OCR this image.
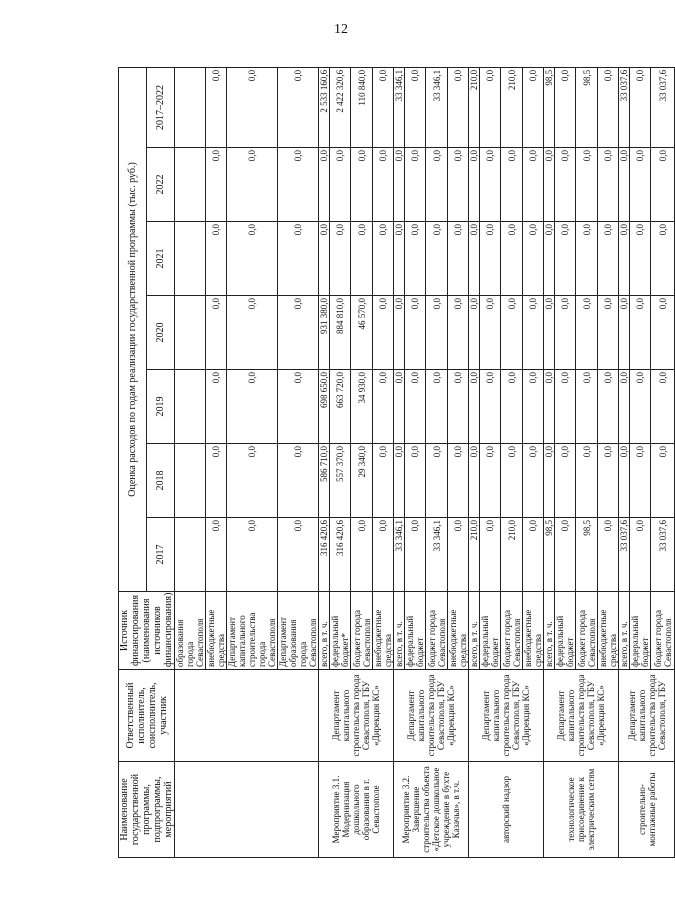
12
Наименование государственной программы, подпрограммы, мероприятий	Ответственный исполнитель, соисполнитель, участник	Источник финансирования (наименования источников финансирования)	Оценка расходов по годам реализации государственной программы (тыс. руб.)						
			2017	2018	2019	2020	2021	2022	2017–2022
		образования города Севастополя							
		внебюджетные средства	0,0	0,0	0,0	0,0	0,0	0,0	0,0
		Департамент капитального строительства города Севастополя	0,0	0,0	0,0	0,0	0,0	0,0	0,0
		Департамент образования города Севастополя	0,0	0,0	0,0	0,0	0,0	0,0	0,0
Мероприятие 3.1. Модернизация дошкольного образования в г. Севастополе	Департамент капитального строительства города Севастополя, ГБУ «Дирекция КС»	всего, в т. ч.	316 420,6	586 710,0	698 650,0	931 380,0	0,0	0,0	2 533 160,6
		федеральный бюджет*	316 420,6	557 370,0	663 720,0	884 810,0	0,0	0,0	2 422 320,6
		бюджет города Севастополя	0,0	29 340,0	34 930,0	46 570,0	0,0	0,0	110 840,0
		внебюджетные средства	0,0	0,0	0,0	0,0	0,0	0,0	0,0
Мероприятие 3.2. Завершение строительства объекта «Детское дошкольное учреждение в бухте Казачья», в т.ч.	Департамент капитального строительства города Севастополя, ГБУ «Дирекция КС»	всего, в т. ч.	33 346,1	0,0	0,0	0,0	0,0	0,0	33 346,1
		федеральный бюджет	0,0	0,0	0,0	0,0	0,0	0,0	0,0
		бюджет города Севастополя	33 346,1	0,0	0,0	0,0	0,0	0,0	33 346,1
		внебюджетные средства	0,0	0,0	0,0	0,0	0,0	0,0	0,0
авторский надзор	Департамент капитального строительства города Севастополя, ГБУ «Дирекция КС»	всего, в т. ч.	210,0	0,0	0,0	0,0	0,0	0,0	210,0
		федеральный бюджет	0,0	0,0	0,0	0,0	0,0	0,0	0,0
		бюджет города Севастополя	210,0	0,0	0,0	0,0	0,0	0,0	210,0
		внебюджетные средства	0,0	0,0	0,0	0,0	0,0	0,0	0,0
технологическое присоединение к электрическим сетям	Департамент капитального строительства города Севастополя, ГБУ «Дирекция КС»	всего, в т. ч.	98,5	0,0	0,0	0,0	0,0	0,0	98,5
		федеральный бюджет	0,0	0,0	0,0	0,0	0,0	0,0	0,0
		бюджет города Севастополя	98,5	0,0	0,0	0,0	0,0	0,0	98,5
		внебюджетные средства	0,0	0,0	0,0	0,0	0,0	0,0	0,0
строительно-монтажные работы	Департамент капитального строительства города Севастополя, ГБУ	всего, в т. ч.	33 037,6	0,0	0,0	0,0	0,0	0,0	33 037,6
		федеральный бюджет	0,0	0,0	0,0	0,0	0,0	0,0	0,0
		бюджет города Севастополя	33 037,6	0,0	0,0	0,0	0,0	0,0	33 037,6
